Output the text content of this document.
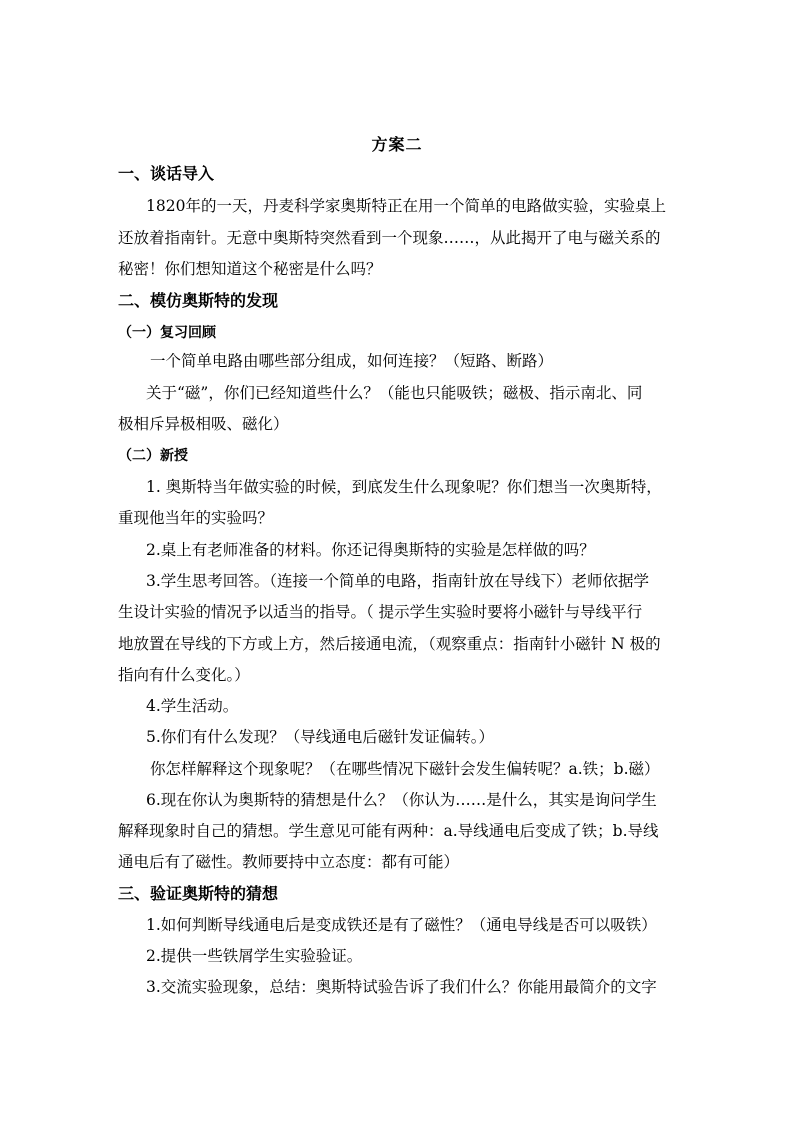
方案二
一、谈话导入
1820年的一天，丹麦科学家奥斯特正在用一个简单的电路做实验，实验桌上
还放着指南针。无意中奥斯特突然看到一个现象……，从此揭开了电与磁关系的
秘密！你们想知道这个秘密是什么吗？
二、模仿奥斯特的发现
（一）复习回顾
一个简单电路由哪些部分组成，如何连接？（短路、断路）
关于“磁”，你们已经知道些什么？（能也只能吸铁；磁极、指示南北、同
极相斥异极相吸、磁化）
（二）新授
1. 奥斯特当年做实验的时候，到底发生什么现象呢？你们想当一次奥斯特，
重现他当年的实验吗？
2.桌上有老师准备的材料。你还记得奥斯特的实验是怎样做的吗？
3.学生思考回答。（连接一个简单的电路，指南针放在导线下）老师依据学
生设计实验的情况予以适当的指导。（ 提示学生实验时要将小磁针与导线平行
地放置在导线的下方或上方，然后接通电流，（观察重点：指南针小磁针 N 极的
指向有什么变化。）
4.学生活动。
5.你们有什么发现？（导线通电后磁针发证偏转。）
你怎样解释这个现象呢？（在哪些情况下磁针会发生偏转呢？a.铁；b.磁）
6.现在你认为奥斯特的猜想是什么？（你认为……是什么，其实是询问学生
解释现象时自己的猜想。学生意见可能有两种：a.导线通电后变成了铁；b.导线
通电后有了磁性。教师要持中立态度：都有可能）
三、验证奥斯特的猜想
1.如何判断导线通电后是变成铁还是有了磁性？（通电导线是否可以吸铁）
2.提供一些铁屑学生实验验证。
3.交流实验现象，总结：奥斯特试验告诉了我们什么？你能用最简介的文字
